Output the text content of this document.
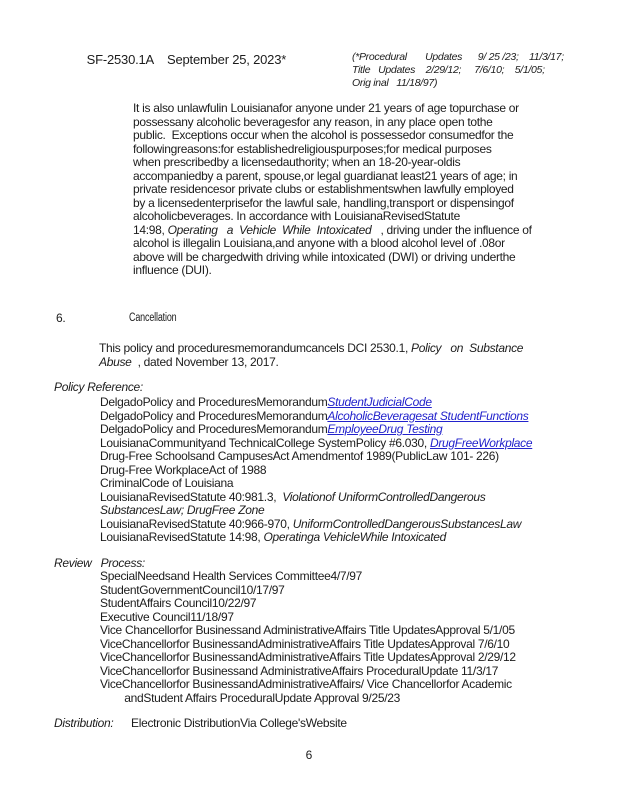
SF-2530.1A September 25, 2023*
	(*Procedural       Updates      9/ 25 /23;    11/3/17;
Title   Updates    2/29/12;     7/6/10;    5/1/05;
Orig inal   11/18/97)
It is also unlawfulin Louisianafor anyone under 21 years of age topurchase or
possessany alcoholic beveragesfor any reason, in any place open tothe
public.  Exceptions occur when the alcohol is possessedor consumedfor the
followingreasons:for establishedreligiouspurposes;for medical purposes
when prescribedby a licensedauthority; when an 18-20-year-oldis
accompaniedby a parent, spouse,or legal guardianat least21 years of age; in
private residencesor private clubs or establishmentswhen lawfully employed
by a licensedenterprisefor the lawful sale, handling,transport or dispensingof
alcoholicbeverages. In accordance with LouisianaRevisedStatute
14:98, Operating   a  Vehicle  While  Intoxicated   , driving under the influence of
alcohol is illegalin Louisiana,and anyone with a blood alcohol level of .08or
above will be chargedwith driving while intoxicated (DWI) or driving underthe
influence (DUI).
6.	Cancellation
This policy and proceduresmemorandumcancels DCI 2530.1, Policy   on  Substance
Abuse  , dated November 13, 2017.
Policy Reference:
DelgadoPolicy and ProceduresMemorandumStudentJudicialCode
DelgadoPolicy and ProceduresMemorandumAlcoholicBeveragesat StudentFunctions
DelgadoPolicy and ProceduresMemorandumEmployeeDrug Testing
LouisianaCommunityand TechnicalCollege SystemPolicy #6.030, DrugFreeWorkplace
Drug-Free Schoolsand CampusesAct Amendmentof 1989(PublicLaw 101- 226)
Drug-Free WorkplaceAct of 1988
CriminalCode of Louisiana
LouisianaRevisedStatute 40:981.3,  Violationof UniformControlledDangerous
SubstancesLaw; DrugFree Zone
LouisianaRevisedStatute 40:966-970, UniformControlledDangerousSubstancesLaw
LouisianaRevisedStatute 14:98, Operatinga VehicleWhile Intoxicated
Review   Process:
SpecialNeedsand Health Services Committee4/7/97
StudentGovernmentCouncil10/17/97
StudentAffairs Council10/22/97
Executive Council11/18/97
Vice Chancellorfor Businessand AdministrativeAffairs Title UpdatesApproval 5/1/05
ViceChancellorfor BusinessandAdministrativeAffairs Title UpdatesApproval 7/6/10
ViceChancellorfor BusinessandAdministrativeAffairs Title UpdatesApproval 2/29/12
ViceChancellorfor Businessand AdministrativeAffairs ProceduralUpdate 11/3/17
ViceChancellorfor BusinessandAdministrativeAffairs/ Vice Chancellorfor Academic
andStudent Affairs ProceduralUpdate Approval 9/25/23
Distribution: Electronic DistributionVia College'sWebsite
6
